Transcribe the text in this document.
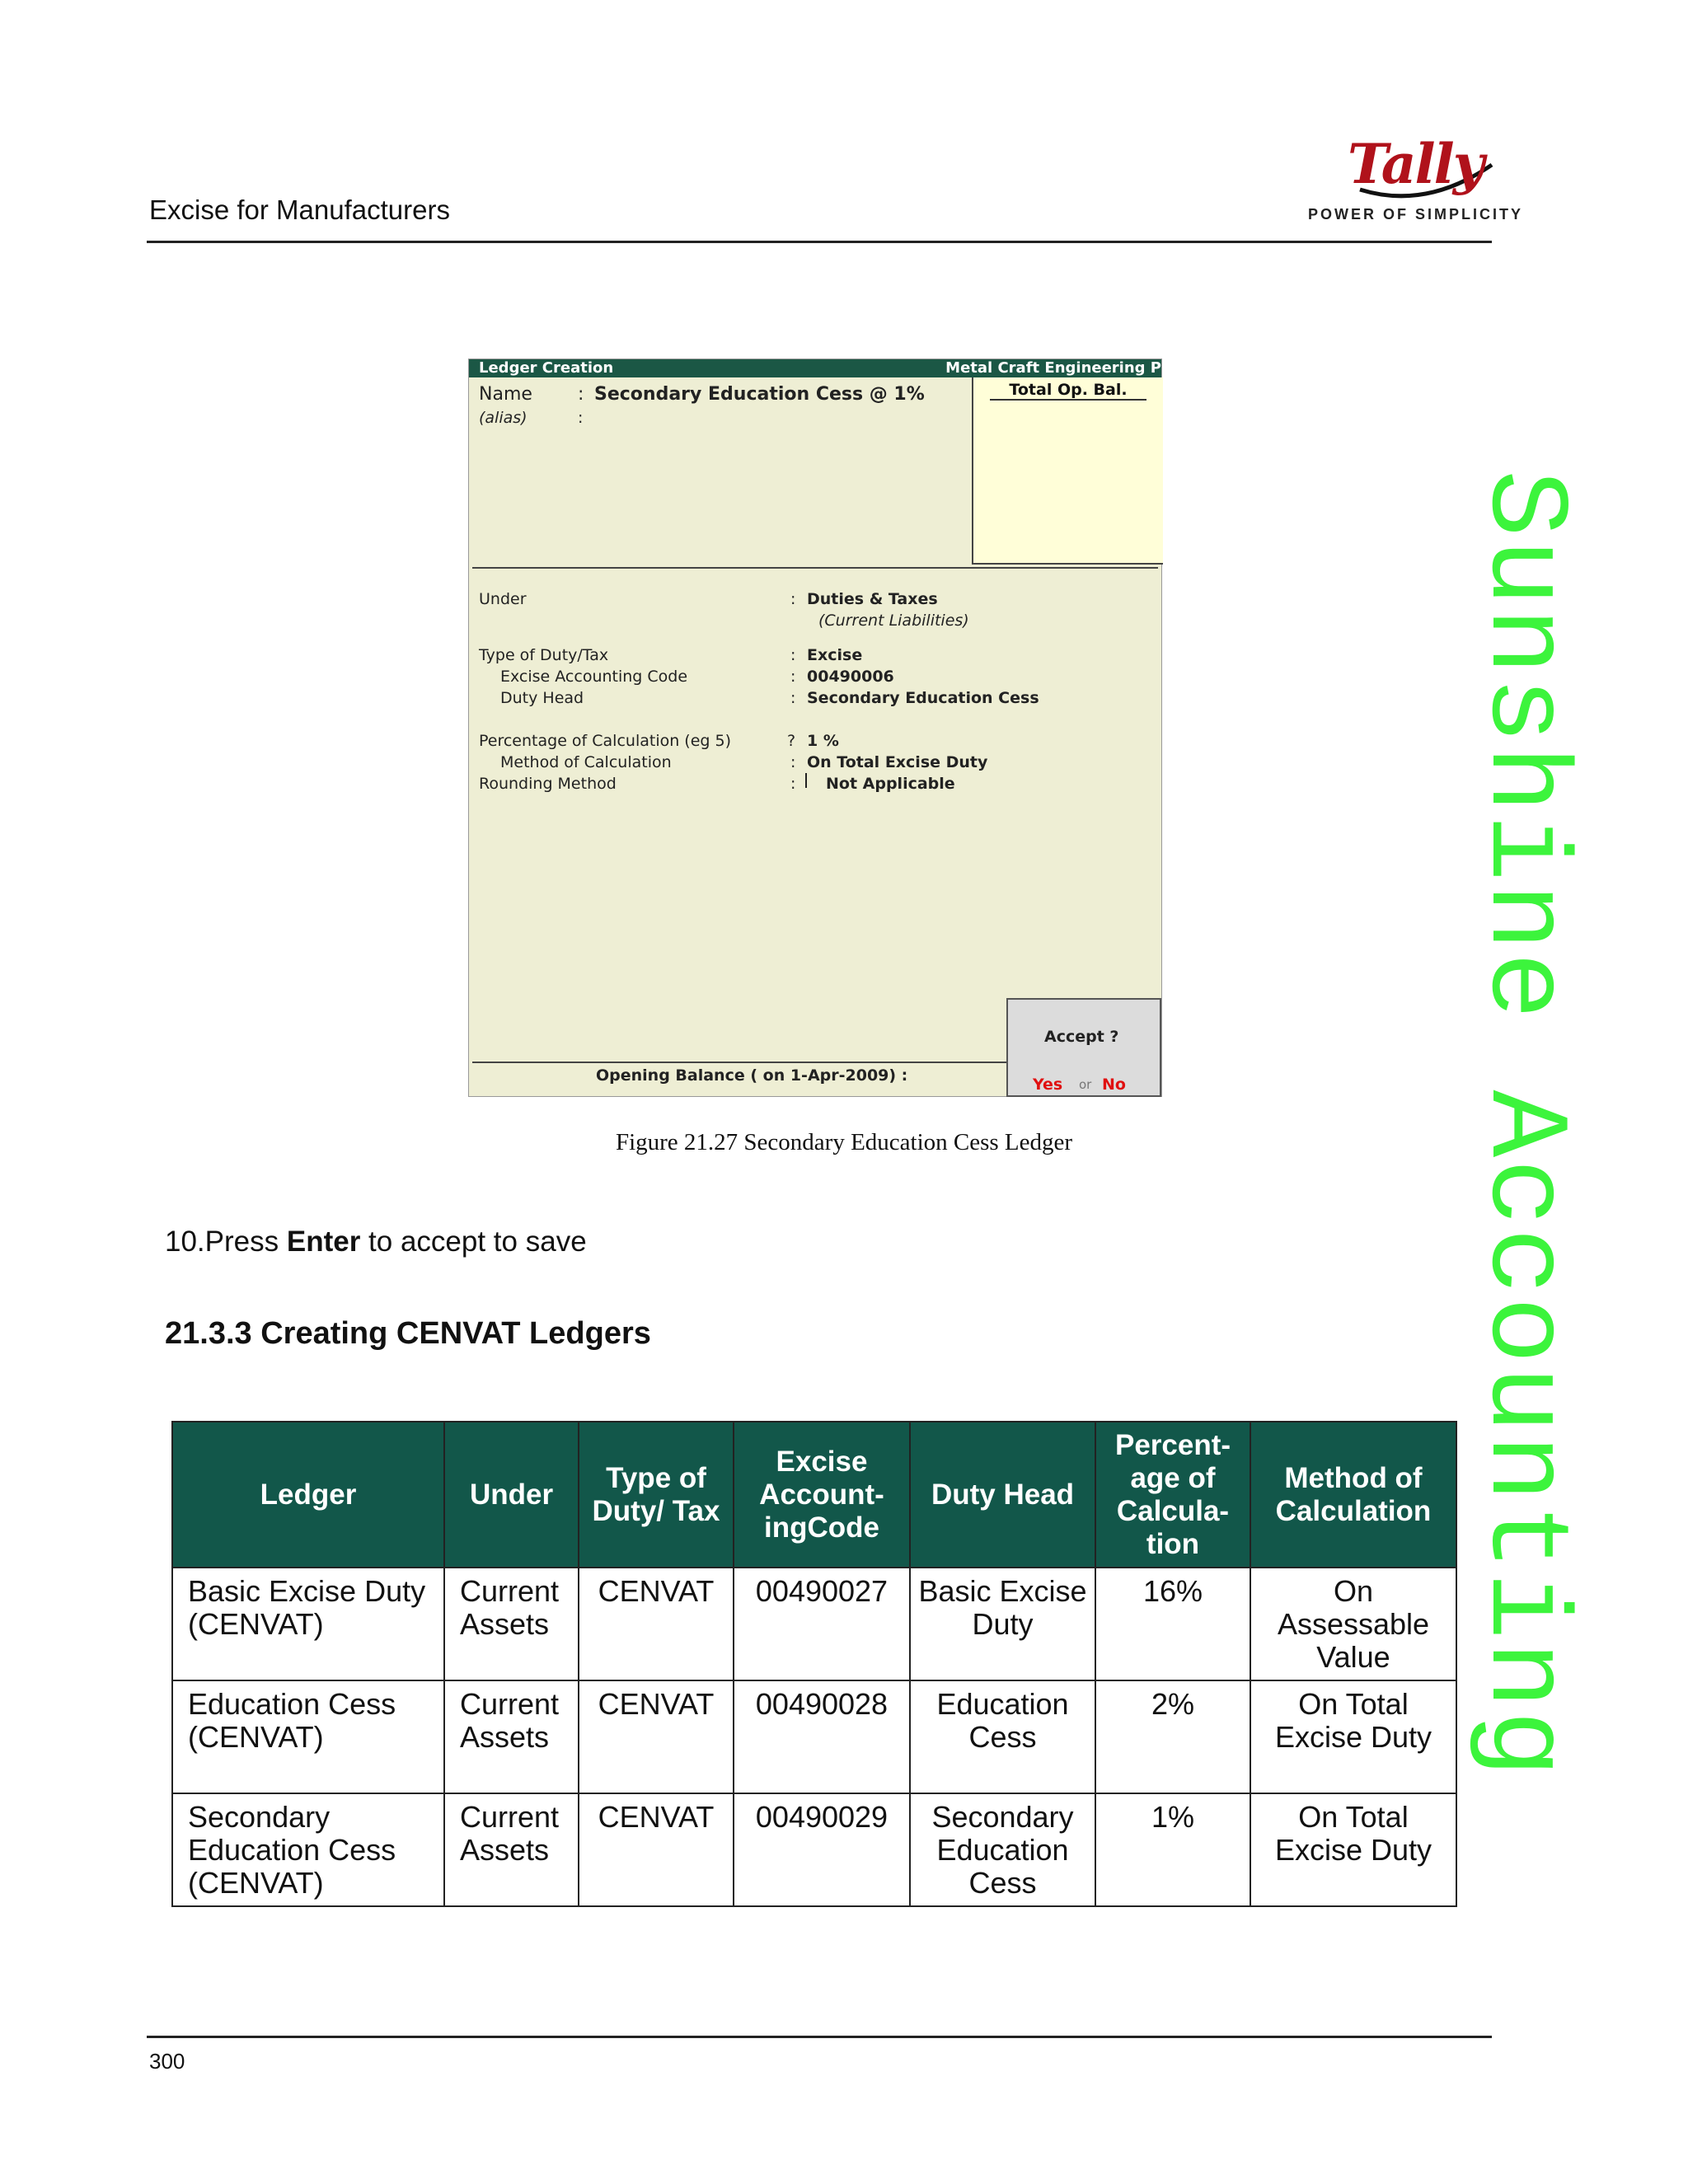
Excise for Manufacturers
Tally
POWER OF SIMPLICITY
Sunshine Accounting
Ledger Creation	Metal Craft Engineering P
Name	: Secondary Education Cess @ 1%
(alias)	:
Total Op. Bal.
Under	: Duties & Taxes
(Current Liabilities)
Type of Duty/Tax	: Excise
Excise Accounting Code	: 00490006
Duty Head	: Secondary Education Cess
Percentage of Calculation (eg 5)	? 1 %
Method of Calculation	: On Total Excise Duty
Rounding Method	: Not Applicable
Opening Balance ( on 1-Apr-2009) :
Accept ?
Yes or No
Figure 21.27 Secondary Education Cess Ledger
10.Press Enter to accept to save
21.3.3 Creating CENVAT Ledgers
Ledger	Under	Type of Duty/ Tax	Excise Account- ingCode	Duty Head	Percent- age of Calcula- tion	Method of Calculation
Basic Excise Duty (CENVAT)	Current Assets	CENVAT	00490027	Basic Excise Duty	16%	On Assessable Value
Education Cess (CENVAT)	Current Assets	CENVAT	00490028	Education Cess	2%	On Total Excise Duty
Secondary Education Cess (CENVAT)	Current Assets	CENVAT	00490029	Secondary Education Cess	1%	On Total Excise Duty
300
